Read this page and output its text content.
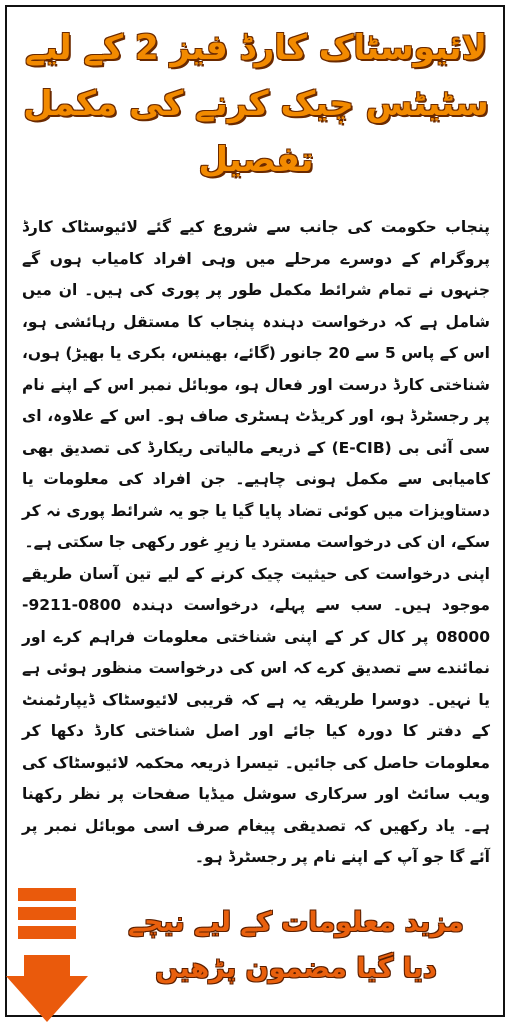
لائیوسٹاک کارڈ فیز 2 کے لیے
سٹیٹس چیک کرنے کی مکمل
تفصیل

پنجاب حکومت کی جانب سے شروع کیے گئے لائیوسٹاک کارڈ پروگرام کے دوسرے مرحلے میں وہی افراد کامیاب ہوں گے جنہوں نے تمام شرائط مکمل طور پر پوری کی ہیں۔ ان میں شامل ہے کہ درخواست دہندہ پنجاب کا مستقل رہائشی ہو، اس کے پاس 5 سے 20 جانور (گائے، بھینس، بکری یا بھیڑ) ہوں، شناختی کارڈ درست اور فعال ہو، موبائل نمبر اس کے اپنے نام پر رجسٹرڈ ہو، اور کریڈٹ ہسٹری صاف ہو۔ اس کے علاوہ، ای سی آئی بی (E-CIB) کے ذریعے مالیاتی ریکارڈ کی تصدیق بھی کامیابی سے مکمل ہونی چاہیے۔ جن افراد کی معلومات یا دستاویزات میں کوئی تضاد پایا گیا یا جو یہ شرائط پوری نہ کر سکے، ان کی درخواست مسترد یا زیرِ غور رکھی جا سکتی ہے۔

اپنی درخواست کی حیثیت چیک کرنے کے لیے تین آسان طریقے موجود ہیں۔ سب سے پہلے، درخواست دہندہ 0800-9211-08000 پر کال کر کے اپنی شناختی معلومات فراہم کرے اور نمائندے سے تصدیق کرے کہ اس کی درخواست منظور ہوئی ہے یا نہیں۔ دوسرا طریقہ یہ ہے کہ قریبی لائیوسٹاک ڈیپارٹمنٹ کے دفتر کا دورہ کیا جائے اور اصل شناختی کارڈ دکھا کر معلومات حاصل کی جائیں۔ تیسرا ذریعہ محکمہ لائیوسٹاک کی ویب سائٹ اور سرکاری سوشل میڈیا صفحات پر نظر رکھنا ہے۔ یاد رکھیں کہ تصدیقی پیغام صرف اسی موبائل نمبر پر آئے گا جو آپ کے اپنے نام پر رجسٹرڈ ہو۔

مزید معلومات کے لیے نیچے
دیا گیا مضمون پڑھیں
